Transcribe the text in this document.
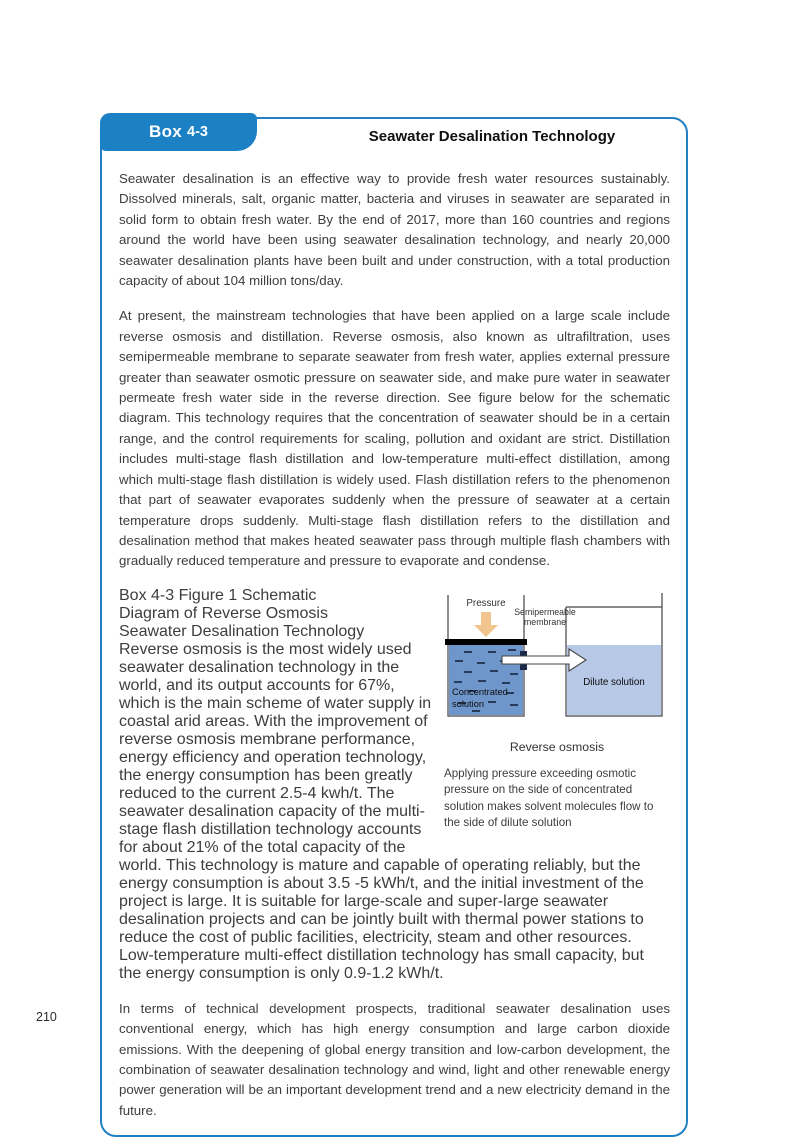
Box 4-3	Seawater Desalination Technology

Seawater desalination is an effective way to provide fresh water resources sustainably. Dissolved minerals, salt, organic matter, bacteria and viruses in seawater are separated in solid form to obtain fresh water. By the end of 2017, more than 160 countries and regions around the world have been using seawater desalination technology, and nearly 20,000 seawater desalination plants have been built and under construction, with a total production capacity of about 104 million tons/day.

At present, the mainstream technologies that have been applied on a large scale include reverse osmosis and distillation. Reverse osmosis, also known as ultrafiltration, uses semipermeable membrane to separate seawater from fresh water, applies external pressure greater than seawater osmotic pressure on seawater side, and make pure water in seawater permeate fresh water side in the reverse direction. See figure below for the schematic diagram. This technology requires that the concentration of seawater should be in a certain range, and the control requirements for scaling, pollution and oxidant are strict. Distillation includes multi-stage flash distillation and low-temperature multi-effect distillation, among which multi-stage flash distillation is widely used. Flash distillation refers to the phenomenon that part of seawater evaporates suddenly when the pressure of seawater at a certain temperature drops suddenly. Multi-stage flash distillation refers to the distillation and desalination method that makes heated seawater pass through multiple flash chambers with gradually reduced temperature and pressure to evaporate and condense.

Pressure
Concentrated
solution
Dilute solution
Semipermeable
membrane
Reverse osmosis
Applying pressure exceeding osmotic pressure on the side of concentrated solution makes solvent molecules flow to the side of dilute solution

Box 4-3 Figure 1 Schematic
Diagram of Reverse Osmosis
Seawater Desalination Technology
Reverse osmosis is the most widely used seawater desalination technology in the world, and its output accounts for 67%, which is the main scheme of water supply in coastal arid areas. With the improvement of reverse osmosis membrane performance, energy efficiency and operation technology, the energy consumption has been greatly reduced to the current 2.5-4 kwh/t. The seawater desalination capacity of the multi-stage flash distillation technology accounts for about 21% of the total capacity of the world. This technology is mature and capable of operating reliably, but the energy consumption is about 3.5 -5 kWh/t, and the initial investment of the project is large. It is suitable for large-scale and super-large seawater desalination projects and can be jointly built with thermal power stations to reduce the cost of public facilities, electricity, steam and other resources. Low-temperature multi-effect distillation technology has small capacity, but the energy consumption is only 0.9-1.2 kWh/t.

In terms of technical development prospects, traditional seawater desalination uses conventional energy, which has high energy consumption and large carbon dioxide emissions. With the deepening of global energy transition and low-carbon development, the combination of seawater desalination technology and wind, light and other renewable energy power generation will be an important development trend and a new electricity demand in the future.

210
